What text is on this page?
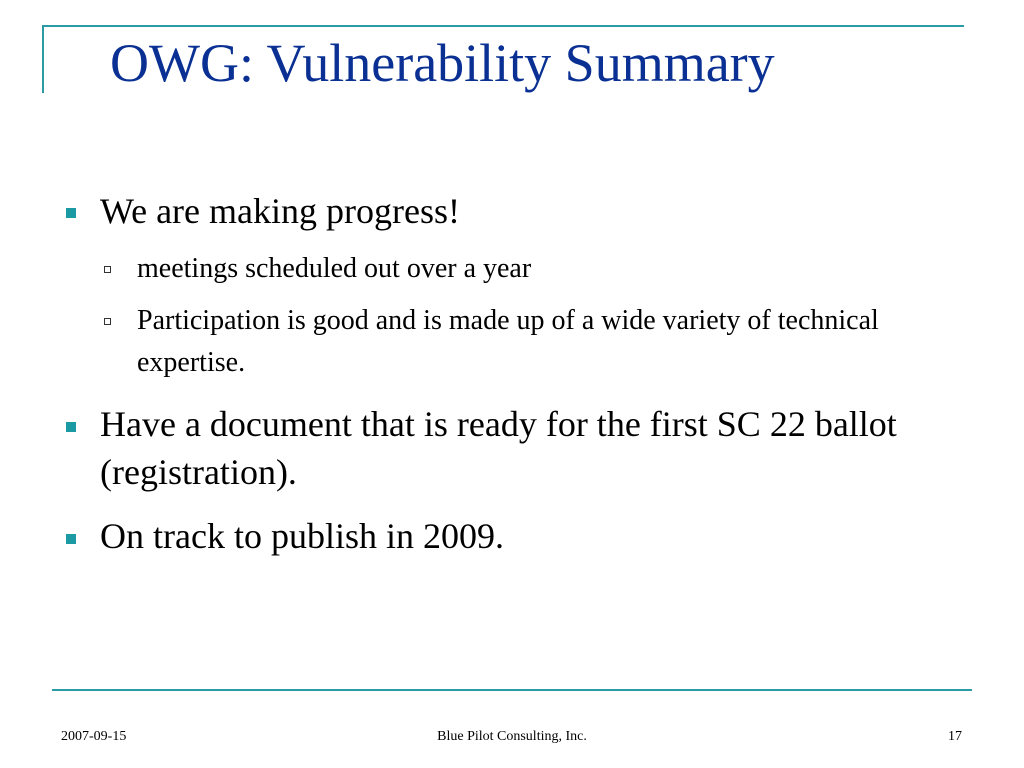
OWG: Vulnerability Summary
We are making progress!
meetings scheduled out over a year
Participation is good and is made up of a wide variety of technical expertise.
Have a document that is ready for the first SC 22 ballot (registration).
On track to publish in 2009.
2007-09-15	Blue Pilot Consulting, Inc.	17
